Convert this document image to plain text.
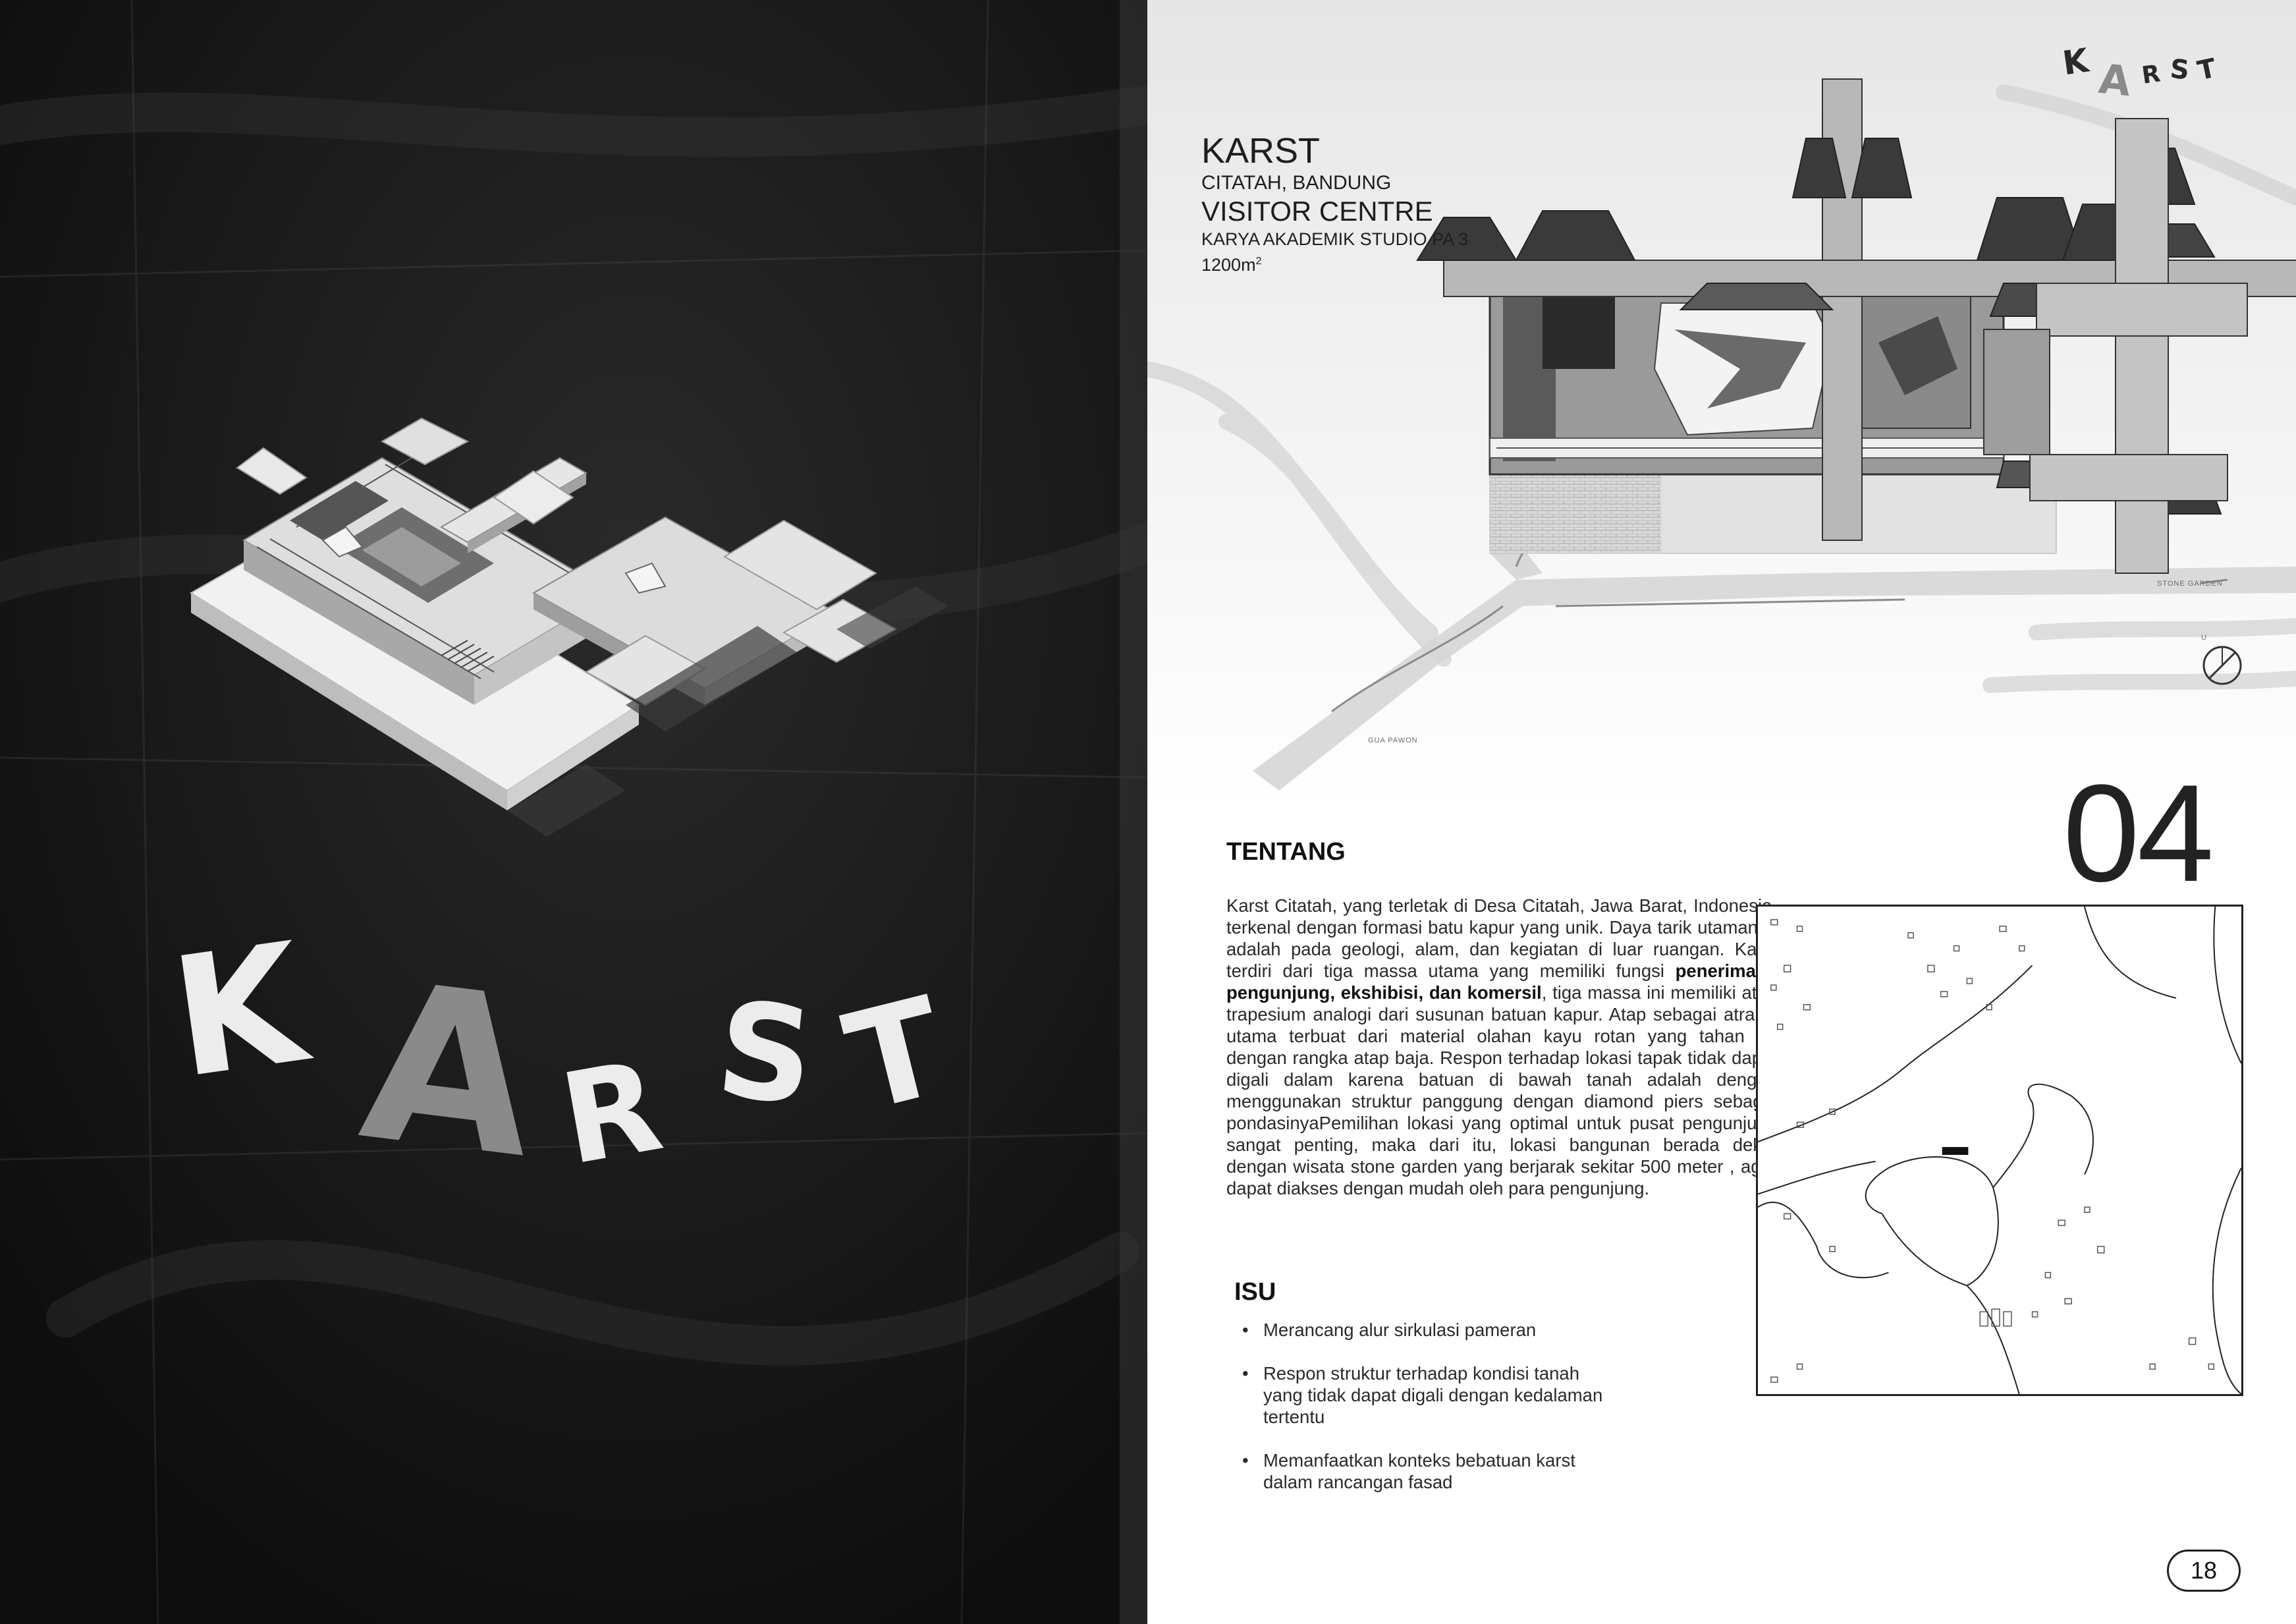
K A R S T
STONE GARDEN
GUA PAWON
U
K A R S T
KARST
CITATAH, BANDUNG
VISITOR CENTRE
KARYA AKADEMIK STUDIO PA 3
$1200m^2$
04
TENTANG
Karst Citatah, yang terletak di Desa Citatah, Jawa Barat, Indonesia, terkenal dengan formasi batu kapur yang unik. Daya tarik utamanya adalah pada geologi, alam, dan kegiatan di luar ruangan. Karst terdiri dari tiga massa utama yang memiliki fungsi penerimaan pengunjung, ekshibisi, dan komersil, tiga massa ini memiliki atap trapesium analogi dari susunan batuan kapur. Atap sebagai atraksi utama terbuat dari material olahan kayu rotan yang tahan air dengan rangka atap baja. Respon terhadap lokasi tapak tidak dapat digali dalam karena batuan di bawah tanah adalah dengan menggunakan struktur panggung dengan diamond piers sebagai pondasinyaPemilihan lokasi yang optimal untuk pusat pengunjung sangat penting, maka dari itu, lokasi bangunan berada dekat dengan wisata stone garden yang berjarak sekitar 500 meter , agar dapat diakses dengan mudah oleh para pengunjung.
ISU
• Merancang alur sirkulasi pameran
• Respon struktur terhadap kondisi tanah yang tidak dapat digali dengan kedalaman tertentu
• Memanfaatkan konteks bebatuan karst dalam rancangan fasad
18
